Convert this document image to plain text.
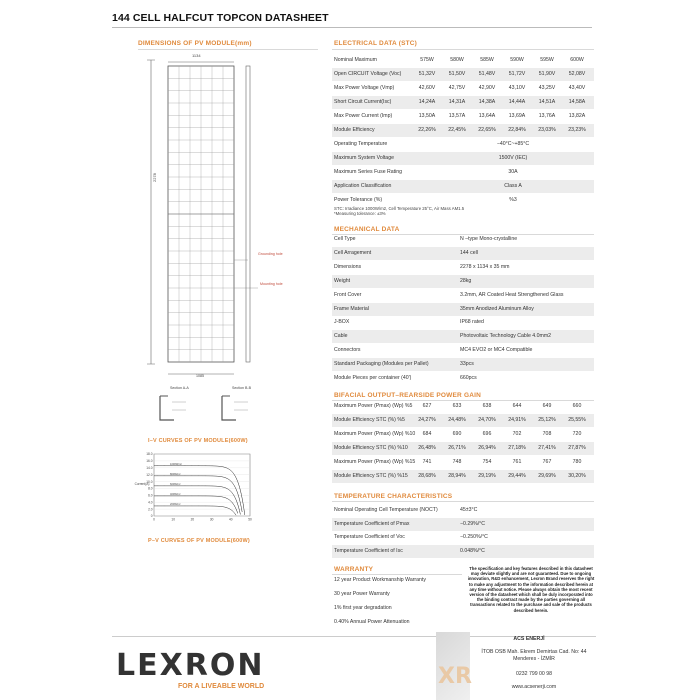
144 CELL HALFCUT TOPCON DATASHEET
DIMENSIONS OF PV MODULE(mm)
1134
2278
Grounding hole
Mounting hole
1085
Section A-A	Section B-B
I–V CURVES OF PV MODULE(600W)
18.0
16.0
14.0
12.0
10.0
8.0
6.0
4.0
2.0
0
0	10	20	30	40	50
1000W/m²
800W/m²
600W/m²
400W/m²
200W/m²
Current(A)
P–V CURVES OF PV MODULE(600W)
ELECTRICAL DATA (STC)
Nominal Maximum	575W	580W	585W	590W	595W	600W
Open CIRCUIT Voltage (Voc)	51,32V	51,50V	51,48V	51,72V	51,90V	52,08V
Max Power Voltage (Vmp)	42,60V	42,75V	42,90V	43,10V	43,25V	43,40V
Short Circuit Current(Isc)	14,24A	14,31A	14,38A	14,44A	14,51A	14,58A
Max Power Current (Imp)	13,50A	13,57A	13,64A	13,69A	13,76A	13,82A
Module Efficiency	22,26%	22,45%	22,65%	22,84%	23,03%	23,23%
Operating Temperature	−40°C~+85°C
Maximum System Voltage	1500V (IEC)
Maximum Series Fuse Rating	30A
Application Classification	Class A
Power Tolerance (%)	%3
STC: Irradiance 1000W/m2, Cell Temperature 25°C, Air Mass AM1.5
*Measuring tolerance: ±3%
MECHANICAL DATA
Cell Type	N –type Mono-crystalline
Cell Arragement	144 cell
Dimensions	2278 x 1134 x 35 mm
Weight	28kg
Front Cover	3.2mm, AR Coated Heat Strengthened Glass
Frame Material	35mm Anodized Aluminum Alloy
J-BOX	IP68 rated
Cable	Photovoltaic Technology Cable 4.0mm2
Connectors	MC4 EVO2 or MC4 Compatible
Standard Packaging (Modules per Pallet)	33pcs
Module Pieces per container (40')	660pcs
BIFACIAL OUTPUT–REARSIDE POWER GAIN
Maximum Power (Pmax) (Wp) %5	627	633	638	644	649	660
Module Efficiency STC (%) %5	24,27%	24,48%	24,70%	24,91%	25,12%	25,55%
Maximum Power (Pmax) (Wp) %10	684	690	696	702	708	720
Module Efficiency STC (%) %10	26,48%	26,71%	26,94%	27,18%	27,41%	27,87%
Maximum Power (Pmax) (Wp) %15	741	748	754	761	767	780
Module Efficiency STC (%) %15	28,68%	28,94%	29,19%	29,44%	29,69%	30,20%
TEMPERATURE CHARACTERISTICS
Nominal Operating Cell Temperature (NOCT)	45±3°C
Temperature Coefficient of Pmax	−0.29%/°C
Temperature Coefficient of Voc	−0.250%/°C
Temperature Coefficient of Isc	0.048%/°C
WARRANTY
12 year Product Workmanship Warranty
30 year Power Warranty
1% first year degradation
0.40% Annual Power Attenuation
The specification and key features described in this datasheet may deviate slightly and are not guaranteed. Due to ongoing innovation, R&D enhancement, Lexron Brand reserves the right to make any adjustment to the information described herein at any time without notice. Please always obtain the most recent version of the datasheet which shall be duly incorporated into the binding contract made by the parties governing all transactions related to the purchase and sale of the products described herein.
LEXRON
FOR A LIVEABLE WORLD	XR
ACS ENERJİ
İTOB OSB Mah. Ekrem Demirtas Cad. No: 44
Menderes - İZMİR
0232 799 00 98
www.acsenerji.com
